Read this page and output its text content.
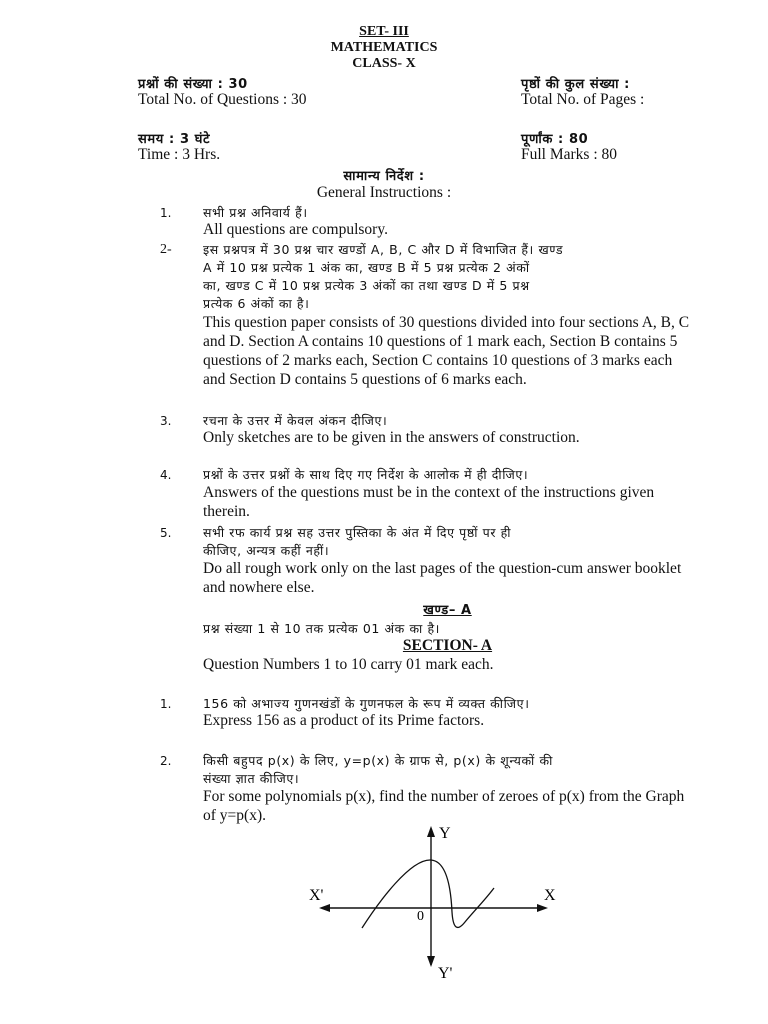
SET- III
MATHEMATICS
CLASS- X
प्रश्नों की संख्या : 30
Total No. of Questions : 30
पृष्ठों की कुल संख्या :
Total No. of Pages :
समय : 3 घंटे
Time : 3 Hrs.
पूर्णांक : 80
Full Marks : 80
सामान्य निर्देश :
General Instructions :
1.	सभी प्रश्न अनिवार्य हैं।
All questions are compulsory.
2-	इस प्रश्नपत्र में 30 प्रश्न चार खण्डों A, B, C और D में विभाजित हैं। खण्ड
A में 10 प्रश्न प्रत्येक 1 अंक का, खण्ड B में 5 प्रश्न प्रत्येक 2 अंकों
का, खण्ड C में 10 प्रश्न प्रत्येक 3 अंकों का तथा खण्ड D में 5 प्रश्न
प्रत्येक 6 अंकों का है।
This question paper consists of 30 questions divided into four sections A, B, C
and D. Section A contains 10 questions of 1 mark each, Section B contains 5
questions of 2 marks each, Section C contains 10 questions of 3 marks each
and Section D contains 5 questions of 6 marks each.
3.	रचना के उत्तर में केवल अंकन दीजिए।
Only sketches are to be given in the answers of construction.
4.	प्रश्नों के उत्तर प्रश्नों के साथ दिए गए निर्देश के आलोक में ही दीजिए।
Answers of the questions must be in the context of the instructions given
therein.
5.	सभी रफ कार्य प्रश्न सह उत्तर पुस्तिका के अंत में दिए पृष्ठों पर ही
कीजिए, अन्यत्र कहीं नहीं।
Do all rough work only on the last pages of the question-cum answer booklet
and nowhere else.
खण्ड– A
प्रश्न संख्या 1 से 10 तक प्रत्येक 01 अंक का है।
SECTION- A
Question Numbers 1 to 10 carry 01 mark each.
1.	156 को अभाज्य गुणनखंडों के गुणनफल के रूप में व्यक्त कीजिए।
Express 156 as a product of its Prime factors.
2.	किसी बहुपद p(x) के लिए, y=p(x) के ग्राफ से, p(x) के शून्यकों की
संख्या ज्ञात कीजिए।
For some polynomials p(x), find the number of zeroes of p(x) from the Graph
of y=p(x).
Y
Y'
X
X'
0
